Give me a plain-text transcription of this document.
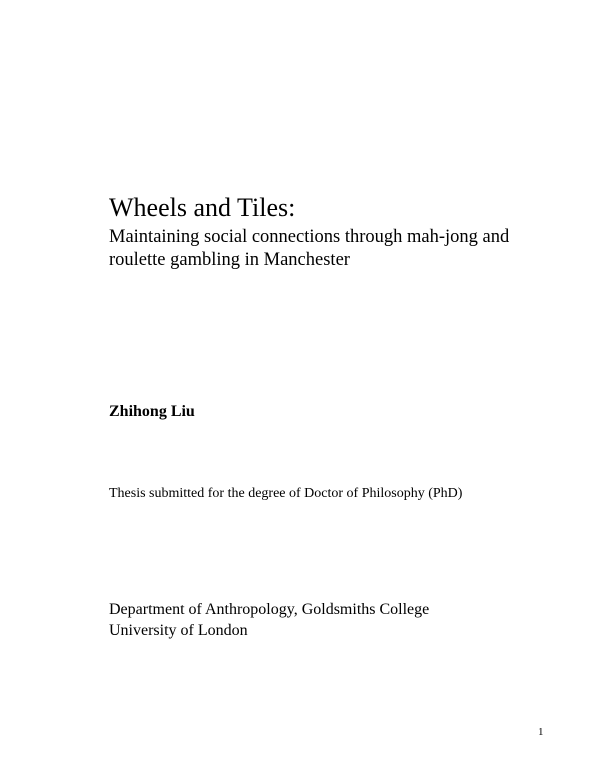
Wheels and Tiles:
Maintaining social connections through mah-jong and
roulette gambling in Manchester

Zhihong Liu

Thesis submitted for the degree of Doctor of Philosophy (PhD)

Department of Anthropology, Goldsmiths College
University of London

1
